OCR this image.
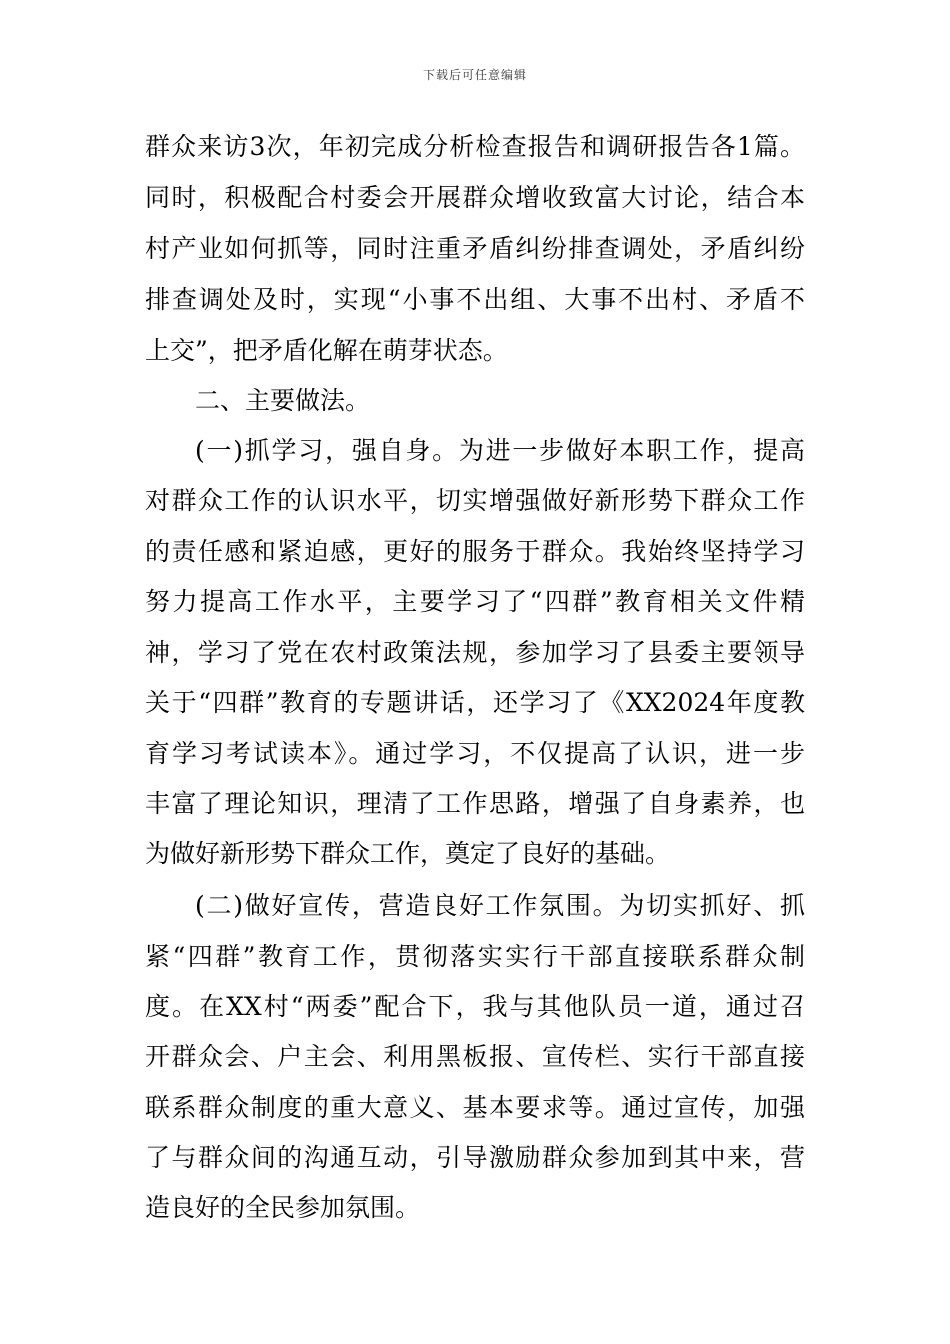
下载后可任意编辑
群众来访3次，年初完成分析检查报告和调研报告各1篇。
同时，积极配合村委会开展群众增收致富大讨论，结合本
村产业如何抓等，同时注重矛盾纠纷排查调处，矛盾纠纷
排查调处及时，实现“小事不出组、大事不出村、矛盾不
上交”，把矛盾化解在萌芽状态。
二、主要做法。
(一)抓学习，强自身。为进一步做好本职工作，提高
对群众工作的认识水平，切实增强做好新形势下群众工作
的责任感和紧迫感，更好的服务于群众。我始终坚持学习
努力提高工作水平，主要学习了“四群”教育相关文件精
神，学习了党在农村政策法规，参加学习了县委主要领导
关于“四群”教育的专题讲话，还学习了《XX2024年度教
育学习考试读本》。通过学习，不仅提高了认识，进一步
丰富了理论知识，理清了工作思路，增强了自身素养，也
为做好新形势下群众工作，奠定了良好的基础。
(二)做好宣传，营造良好工作氛围。为切实抓好、抓
紧“四群”教育工作，贯彻落实实行干部直接联系群众制
度。在XX村“两委”配合下，我与其他队员一道，通过召
开群众会、户主会、利用黑板报、宣传栏、实行干部直接
联系群众制度的重大意义、基本要求等。通过宣传，加强
了与群众间的沟通互动，引导激励群众参加到其中来，营
造良好的全民参加氛围。
